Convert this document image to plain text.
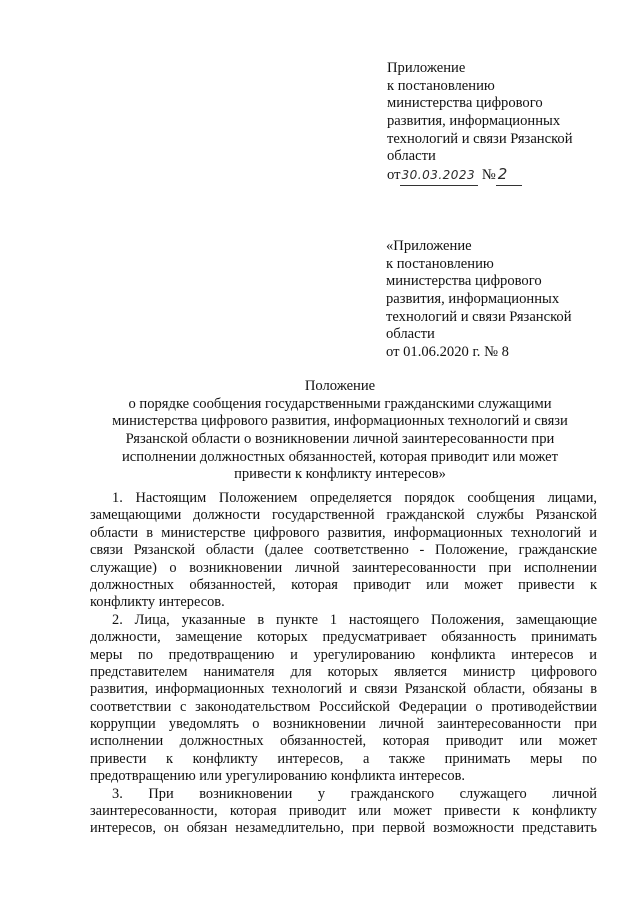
Приложение
к постановлению
министерства цифрового
развития, информационных
технологий и связи Рязанской
области
от30.03.2023 № 2
«Приложение
к постановлению
министерства цифрового
развития, информационных
технологий и связи Рязанской
области
от 01.06.2020 г. № 8
Положение
о порядке сообщения государственными гражданскими служащими
министерства цифрового развития, информационных технологий и связи
Рязанской области о возникновении личной заинтересованности при
исполнении должностных обязанностей, которая приводит или может
привести к конфликту интересов»
1. Настоящим Положением определяется порядок сообщения лицами,
замещающими должности государственной гражданской службы Рязанской
области в министерстве цифрового развития, информационных технологий и
связи Рязанской области (далее соответственно - Положение, гражданские
служащие) о возникновении личной заинтересованности при исполнении
должностных обязанностей, которая приводит или может привести к
конфликту интересов.
2. Лица, указанные в пункте 1 настоящего Положения, замещающие
должности, замещение которых предусматривает обязанность принимать
меры по предотвращению и урегулированию конфликта интересов и
представителем нанимателя для которых является министр цифрового
развития, информационных технологий и связи Рязанской области, обязаны в
соответствии с законодательством Российской Федерации о противодействии
коррупции уведомлять о возникновении личной заинтересованности при
исполнении должностных обязанностей, которая приводит или может
привести к конфликту интересов, а также принимать меры по
предотвращению или урегулированию конфликта интересов.
3. При возникновении у гражданского служащего личной
заинтересованности, которая приводит или может привести к конфликту
интересов, он обязан незамедлительно, при первой возможности представить
